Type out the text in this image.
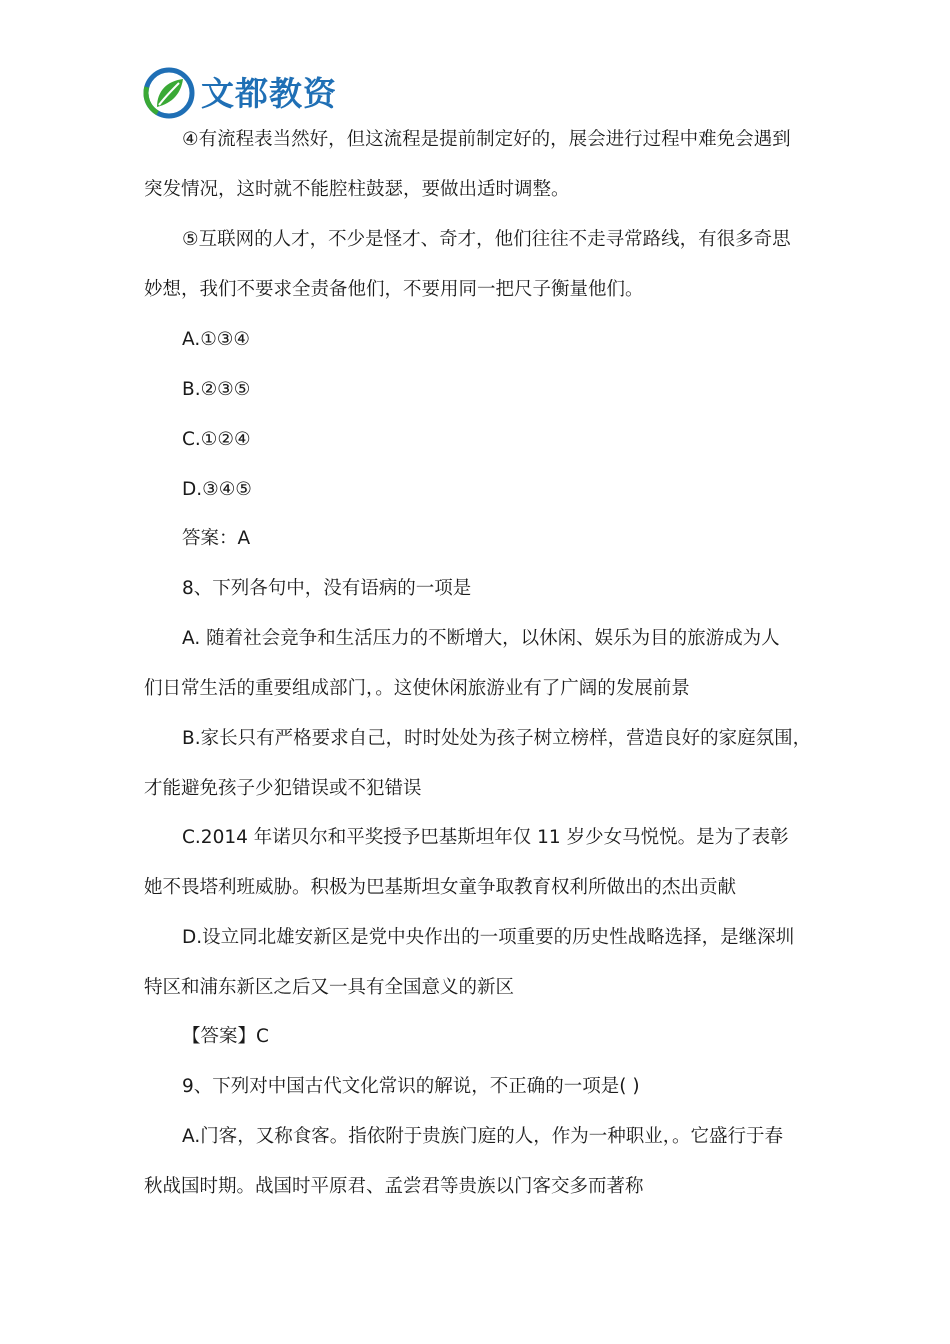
文都教资
④有流程表当然好，但这流程是提前制定好的，展会进行过程中难免会遇到
突发情况，这时就不能腔柱鼓瑟，要做出适时调整。
⑤互联网的人才，不少是怪才、奇才，他们往往不走寻常路线，有很多奇思
妙想，我们不要求全责备他们，不要用同一把尺子衡量他们。
A.①③④
B.②③⑤
C.①②④
D.③④⑤
答案：A
8、下列各句中，没有语病的一项是
A. 随着社会竞争和生活压力的不断增大，以休闲、娱乐为目的旅游成为人
们日常生活的重要组成部门，。这使休闲旅游业有了广阔的发展前景
B.家长只有严格要求自己，时时处处为孩子树立榜样，营造良好的家庭氛围，
才能避免孩子少犯错误或不犯错误
C.2014 年诺贝尔和平奖授予巴基斯坦年仅 11 岁少女马悦悦。是为了表彰
她不畏塔利班威胁。积极为巴基斯坦女童争取教育权利所做出的杰出贡献
D.设立同北雄安新区是党中央作出的一项重要的历史性战略选择，是继深圳
特区和浦东新区之后又一具有全国意义的新区
【答案】C
9、下列对中国古代文化常识的解说，不正确的一项是( )
A.门客，又称食客。指依附于贵族门庭的人，作为一种职业，。它盛行于春
秋战国时期。战国时平原君、孟尝君等贵族以门客交多而著称
